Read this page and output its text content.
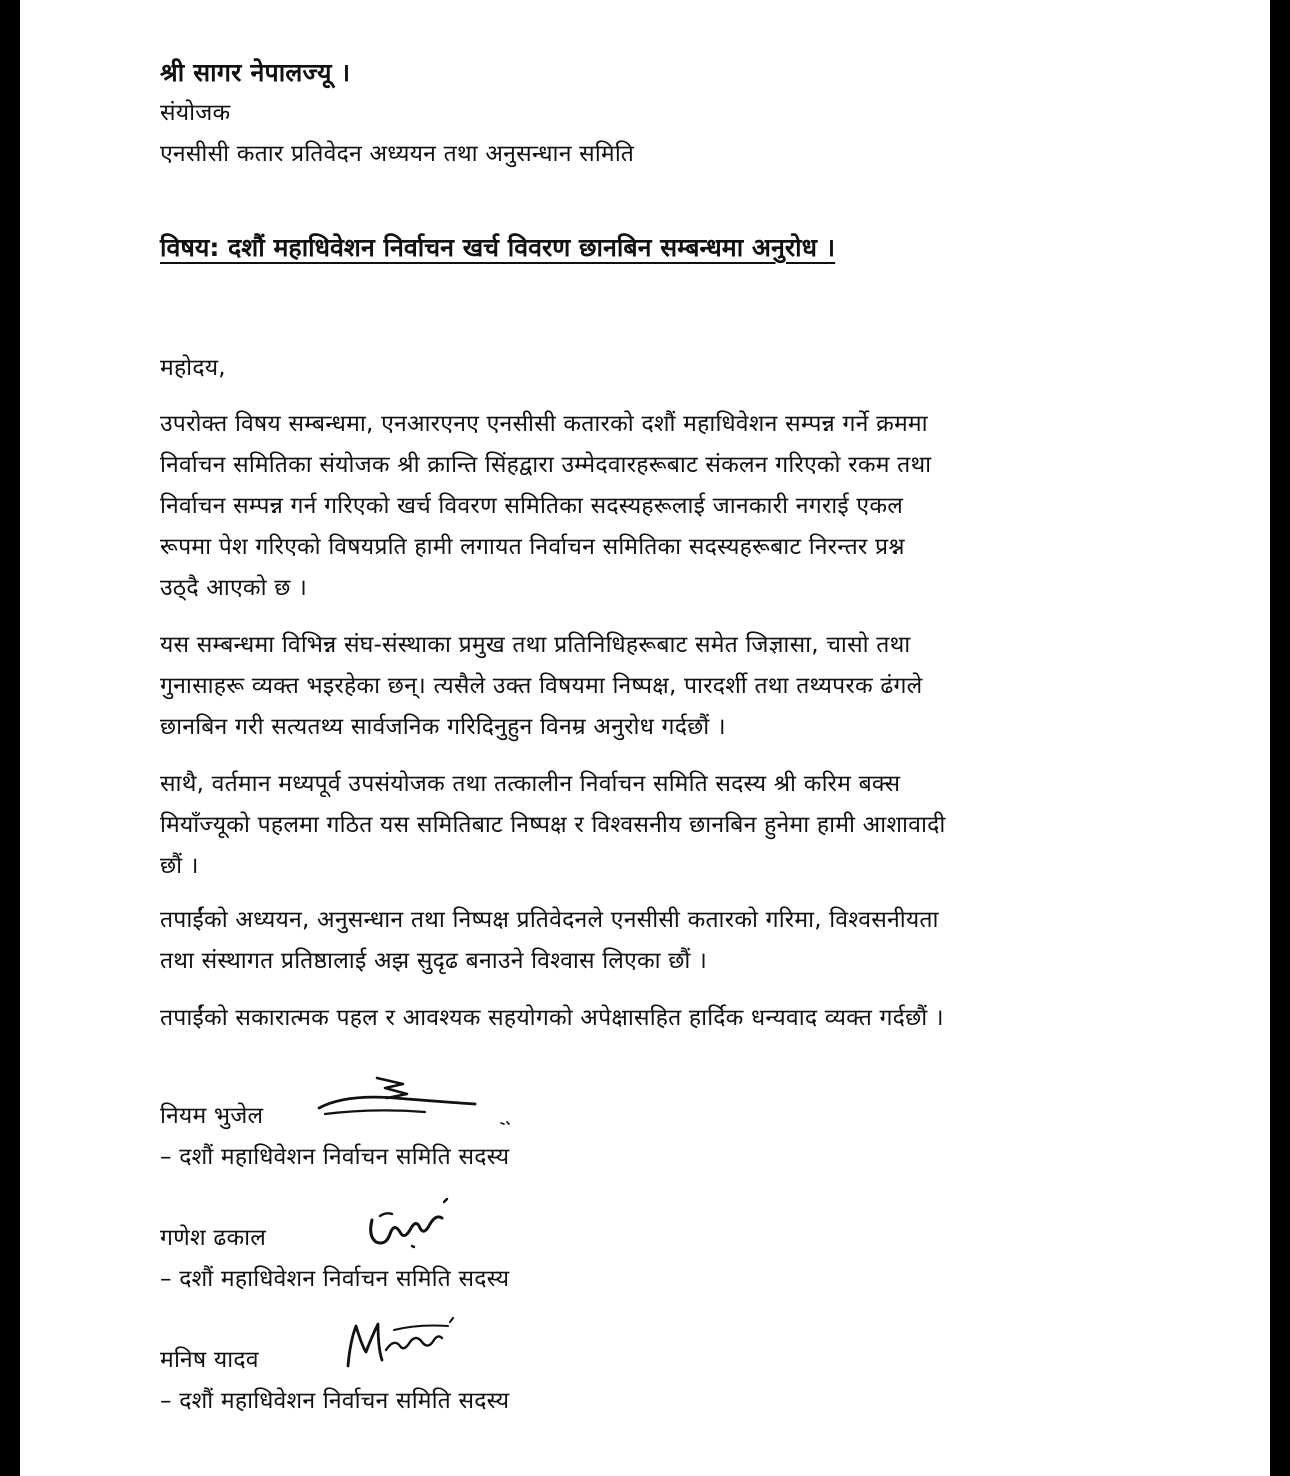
श्री सागर नेपालज्यू ।
संयोजक
एनसीसी कतार प्रतिवेदन अध्ययन तथा अनुसन्धान समिति
विषय: दशौं महाधिवेशन निर्वाचन खर्च विवरण छानबिन सम्बन्धमा अनुरोध ।
महोदय,
उपरोक्त विषय सम्बन्धमा, एनआरएनए एनसीसी कतारको दशौं महाधिवेशन सम्पन्न गर्ने क्रममा
निर्वाचन समितिका संयोजक श्री क्रान्ति सिंहद्वारा उम्मेदवारहरूबाट संकलन गरिएको रकम तथा
निर्वाचन सम्पन्न गर्न गरिएको खर्च विवरण समितिका सदस्यहरूलाई जानकारी नगराई एकल
रूपमा पेश गरिएको विषयप्रति हामी लगायत निर्वाचन समितिका सदस्यहरूबाट निरन्तर प्रश्न
उठ्दै आएको छ ।
यस सम्बन्धमा विभिन्न संघ-संस्थाका प्रमुख तथा प्रतिनिधिहरूबाट समेत जिज्ञासा, चासो तथा
गुनासाहरू व्यक्त भइरहेका छन्। त्यसैले उक्त विषयमा निष्पक्ष, पारदर्शी तथा तथ्यपरक ढंगले
छानबिन गरी सत्यतथ्य सार्वजनिक गरिदिनुहुन विनम्र अनुरोध गर्दछौं ।
साथै, वर्तमान मध्यपूर्व उपसंयोजक तथा तत्कालीन निर्वाचन समिति सदस्य श्री करिम बक्स
मियाँज्यूको पहलमा गठित यस समितिबाट निष्पक्ष र विश्वसनीय छानबिन हुनेमा हामी आशावादी
छौं ।
तपाईंको अध्ययन, अनुसन्धान तथा निष्पक्ष प्रतिवेदनले एनसीसी कतारको गरिमा, विश्वसनीयता
तथा संस्थागत प्रतिष्ठालाई अझ सुदृढ बनाउने विश्वास लिएका छौं ।
तपाईंको सकारात्मक पहल र आवश्यक सहयोगको अपेक्षासहित हार्दिक धन्यवाद व्यक्त गर्दछौं ।
नियम भुजेल
– दशौं महाधिवेशन निर्वाचन समिति सदस्य
गणेश ढकाल
– दशौं महाधिवेशन निर्वाचन समिति सदस्य
मनिष यादव
– दशौं महाधिवेशन निर्वाचन समिति सदस्य
